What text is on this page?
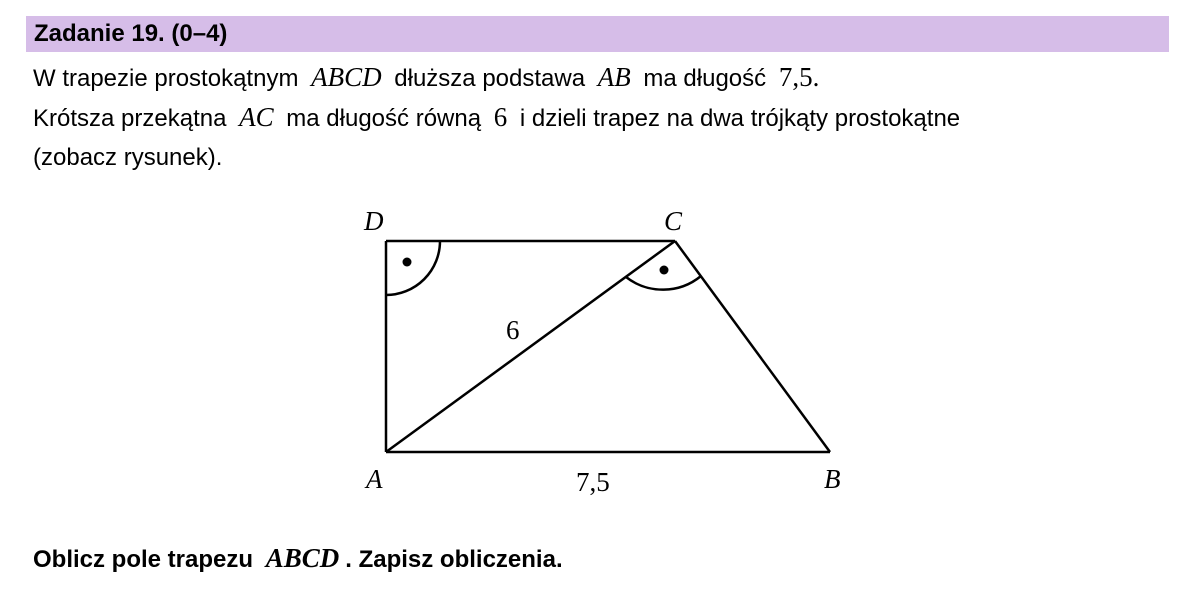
Zadanie 19. (0–4)
W trapezie prostokątnym ABCD dłuższa podstawa AB ma długość 7,5.
Krótsza przekątna AC ma długość równą 6 i dzieli trapez na dwa trójkąty prostokątne
(zobacz rysunek).
D	C
A	B
6
7,5
Oblicz pole trapezu ABCD . Zapisz obliczenia.
